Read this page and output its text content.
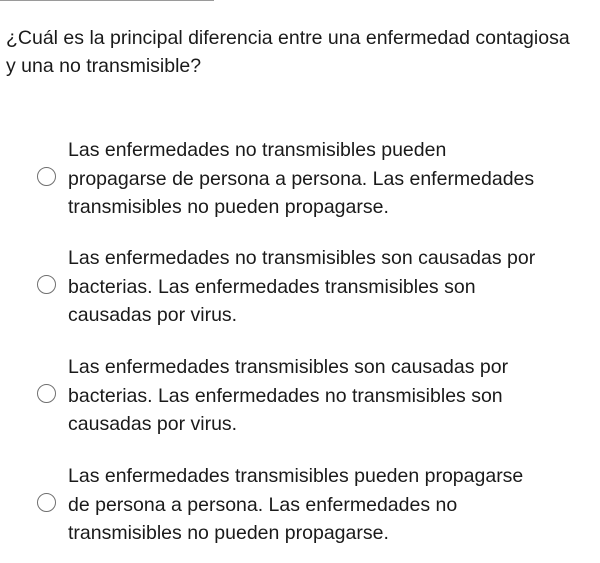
¿Cuál es la principal diferencia entre una enfermedad contagiosa
y una no transmisible?
Las enfermedades no transmisibles pueden
propagarse de persona a persona. Las enfermedades
transmisibles no pueden propagarse.
Las enfermedades no transmisibles son causadas por
bacterias. Las enfermedades transmisibles son
causadas por virus.
Las enfermedades transmisibles son causadas por
bacterias. Las enfermedades no transmisibles son
causadas por virus.
Las enfermedades transmisibles pueden propagarse
de persona a persona. Las enfermedades no
transmisibles no pueden propagarse.
